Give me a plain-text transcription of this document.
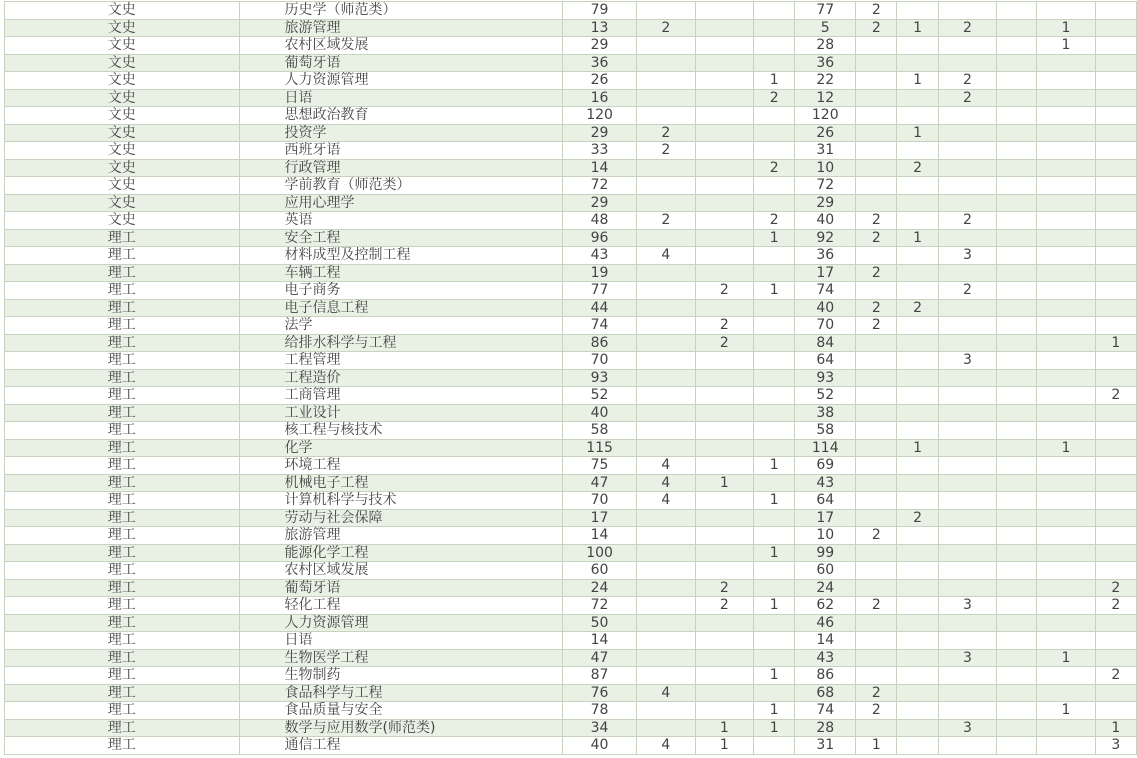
文史	历史学（师范类）	79				77	2					
文史	旅游管理	13	2			5	2	1	2		1	
文史	农村区域发展	29				28					1	
文史	葡萄牙语	36				36						
文史	人力资源管理	26			1	22		1	2			
文史	日语	16			2	12			2			
文史	思想政治教育	120				120						
文史	投资学	29	2			26		1				
文史	西班牙语	33	2			31						
文史	行政管理	14			2	10		2				
文史	学前教育（师范类）	72				72						
文史	应用心理学	29				29						
文史	英语	48	2		2	40	2		2			
理工	安全工程	96			1	92	2	1				
理工	材料成型及控制工程	43	4			36			3			
理工	车辆工程	19				17	2					
理工	电子商务	77		2	1	74			2			
理工	电子信息工程	44				40	2	2				
理工	法学	74		2		70	2					
理工	给排水科学与工程	86		2		84						1
理工	工程管理	70				64			3			
理工	工程造价	93				93						
理工	工商管理	52				52						2
理工	工业设计	40				38						
理工	核工程与核技术	58				58						
理工	化学	115				114		1			1	
理工	环境工程	75	4		1	69						
理工	机械电子工程	47	4	1		43						
理工	计算机科学与技术	70	4		1	64						
理工	劳动与社会保障	17				17		2				
理工	旅游管理	14				10	2					
理工	能源化学工程	100			1	99						
理工	农村区域发展	60				60						
理工	葡萄牙语	24		2		24						2
理工	轻化工程	72		2	1	62	2		3			2
理工	人力资源管理	50				46						
理工	日语	14				14						
理工	生物医学工程	47				43			3		1	
理工	生物制药	87			1	86						2
理工	食品科学与工程	76	4			68	2					
理工	食品质量与安全	78			1	74	2				1	
理工	数学与应用数学(师范类)	34		1	1	28			3			1
理工	通信工程	40	4	1		31	1					3
